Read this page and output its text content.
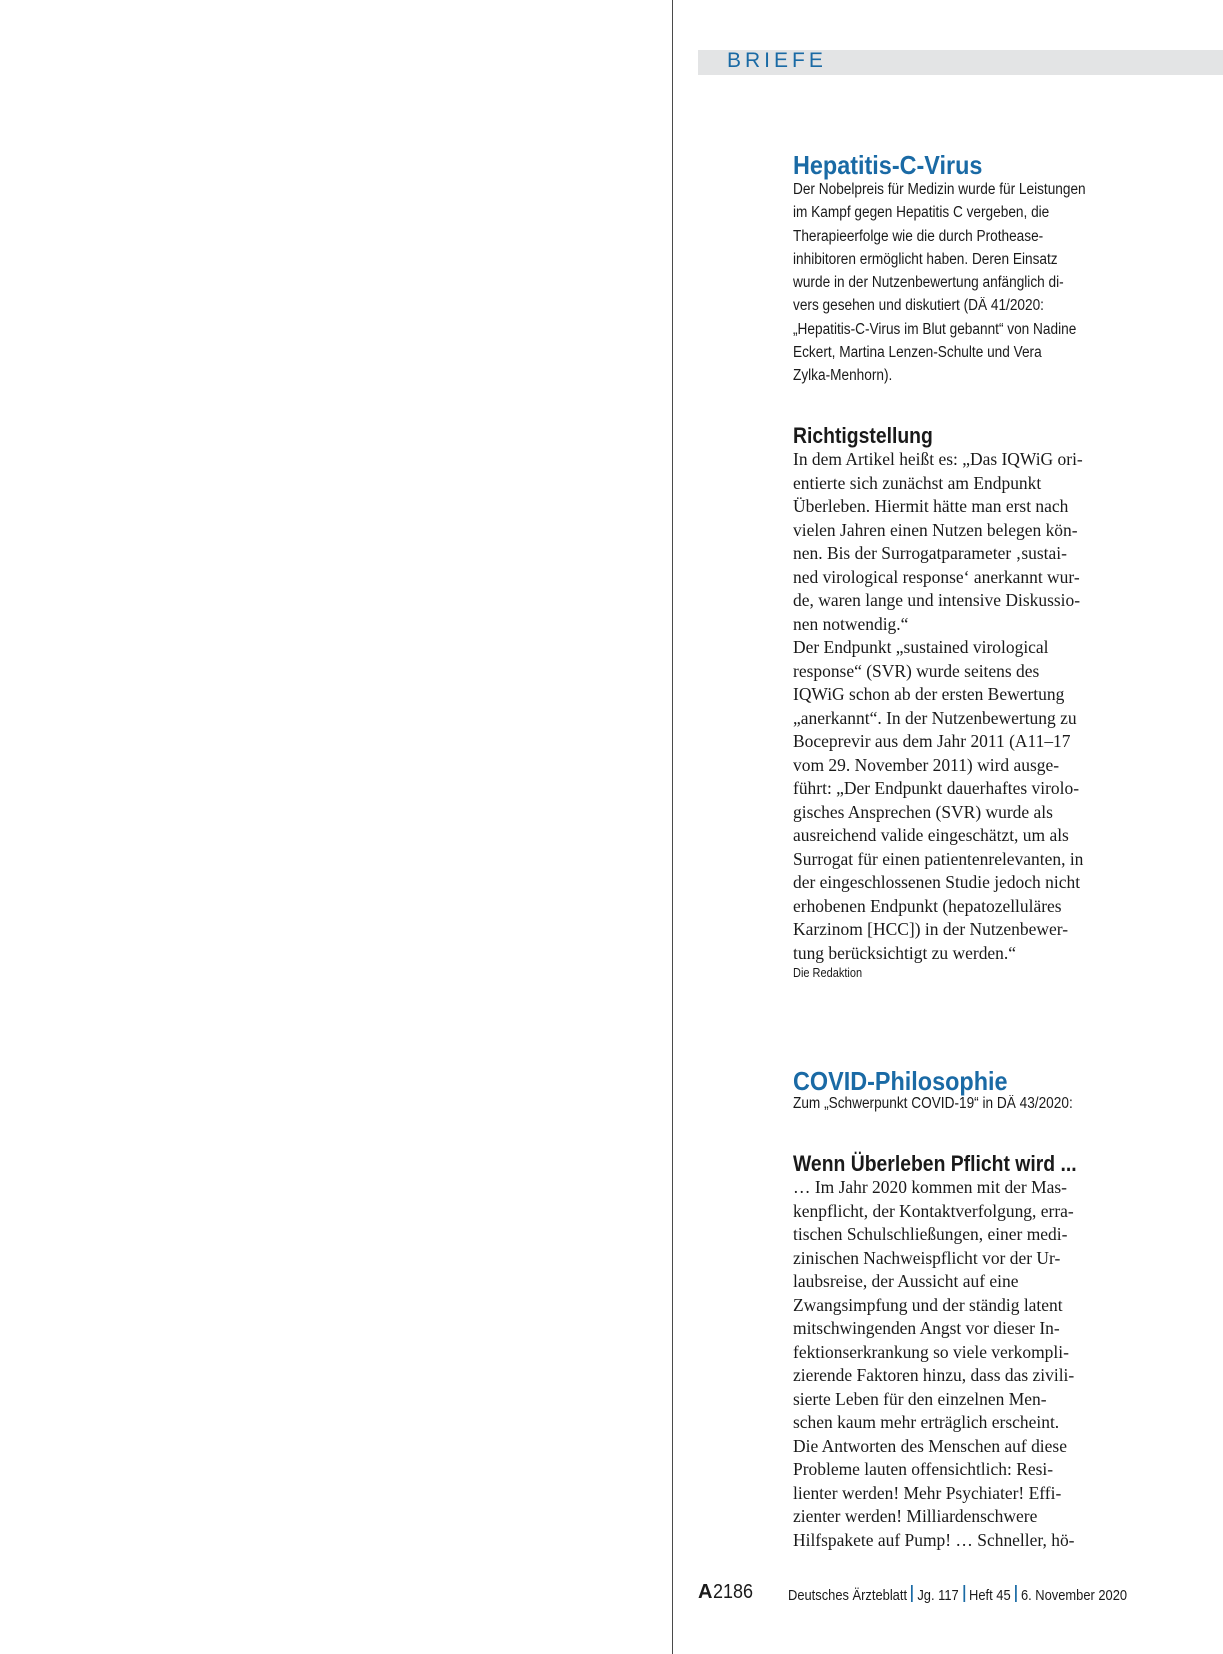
BRIEFE
Hepatitis-C-Virus
Der Nobelpreis für Medizin wurde für Leistungen
im Kampf gegen Hepatitis C vergeben, die
Therapieerfolge wie die durch Prothease-
inhibitoren ermöglicht haben. Deren Einsatz
wurde in der Nutzenbewertung anfänglich di-
vers gesehen und diskutiert (DÄ 41/2020:
„Hepatitis-C-Virus im Blut gebannt“ von Nadine
Eckert, Martina Lenzen-Schulte und Vera
Zylka-Menhorn).
Richtigstellung
In dem Artikel heißt es: „Das IQWiG ori-
entierte sich zunächst am Endpunkt
Überleben. Hiermit hätte man erst nach
vielen Jahren einen Nutzen belegen kön-
nen. Bis der Surrogatparameter ‚sustai-
ned virological response‘ anerkannt wur-
de, waren lange und intensive Diskussio-
nen notwendig.“
Der Endpunkt „sustained virological
response“ (SVR) wurde seitens des
IQWiG schon ab der ersten Bewertung
„anerkannt“. In der Nutzenbewertung zu
Boceprevir aus dem Jahr 2011 (A11–17
vom 29. November 2011) wird ausge-
führt: „Der Endpunkt dauerhaftes virolo-
gisches Ansprechen (SVR) wurde als
ausreichend valide eingeschätzt, um als
Surrogat für einen patientenrelevanten, in
der eingeschlossenen Studie jedoch nicht
erhobenen Endpunkt (hepatozelluläres
Karzinom [HCC]) in der Nutzenbewer-
tung berücksichtigt zu werden.“
Die Redaktion
COVID-Philosophie
Zum „Schwerpunkt COVID-19“ in DÄ 43/2020:
Wenn Überleben Pflicht wird ...
… Im Jahr 2020 kommen mit der Mas-
kenpflicht, der Kontaktverfolgung, erra-
tischen Schulschließungen, einer medi-
zinischen Nachweispflicht vor der Ur-
laubsreise, der Aussicht auf eine
Zwangsimpfung und der ständig latent
mitschwingenden Angst vor dieser In-
fektionserkrankung so viele verkompli-
zierende Faktoren hinzu, dass das zivili-
sierte Leben für den einzelnen Men-
schen kaum mehr erträglich erscheint.
Die Antworten des Menschen auf diese
Probleme lauten offensichtlich: Resi-
lienter werden! Mehr Psychiater! Effi-
zienter werden! Milliardenschwere
Hilfspakete auf Pump! … Schneller, hö-
A 2186 Deutsches Ärzteblatt Jg. 117 Heft 45 6. November 2020
